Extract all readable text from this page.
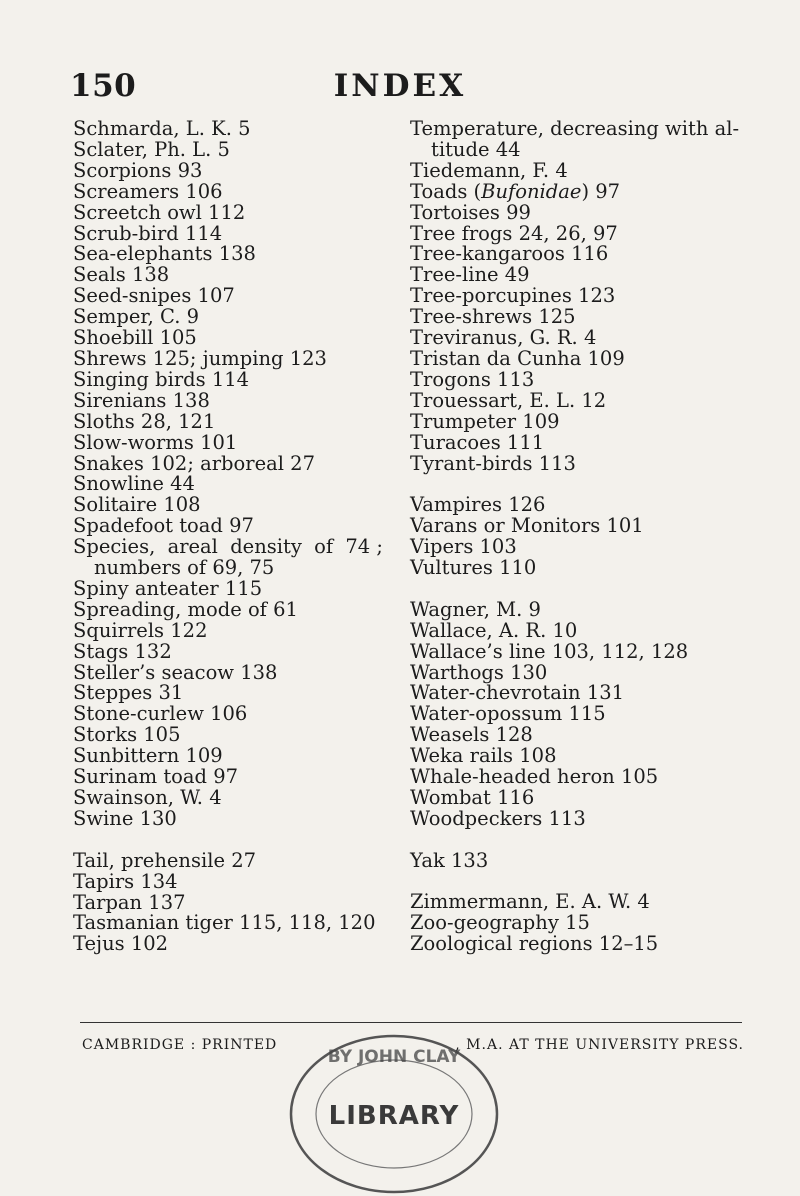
150	INDEX
Schmarda, L. K. 5
Sclater, Ph. L. 5
Scorpions 93
Screamers 106
Screetch owl 112
Scrub-bird 114
Sea-elephants 138
Seals 138
Seed-snipes 107
Semper, C. 9
Shoebill 105
Shrews 125; jumping 123
Singing birds 114
Sirenians 138
Sloths 28, 121
Slow-worms 101
Snakes 102; arboreal 27
Snowline 44
Solitaire 108
Spadefoot toad 97
Species, areal density of 74 ;
numbers of 69, 75
Spiny anteater 115
Spreading, mode of 61
Squirrels 122
Stags 132
Steller’s seacow 138
Steppes 31
Stone-curlew 106
Storks 105
Sunbittern 109
Surinam toad 97
Swainson, W. 4
Swine 130
Tail, prehensile 27
Tapirs 134
Tarpan 137
Tasmanian tiger 115, 118, 120
Tejus 102
Temperature, decreasing with al-
titude 44
Tiedemann, F. 4
Toads (Bufonidae) 97
Tortoises 99
Tree frogs 24, 26, 97
Tree-kangaroos 116
Tree-line 49
Tree-porcupines 123
Tree-shrews 125
Treviranus, G. R. 4
Tristan da Cunha 109
Trogons 113
Trouessart, E. L. 12
Trumpeter 109
Turacoes 111
Tyrant-birds 113
Vampires 126
Varans or Monitors 101
Vipers 103
Vultures 110
Wagner, M. 9
Wallace, A. R. 10
Wallace’s line 103, 112, 128
Warthogs 130
Water-chevrotain 131
Water-opossum 115
Weasels 128
Weka rails 108
Whale-headed heron 105
Wombat 116
Woodpeckers 113
Yak 133
Zimmermann, E. A. W. 4
Zoo-geography 15
Zoological regions 12–15
CAMBRIDGE : PRINTED	, M.A. AT THE UNIVERSITY PRESS.
BY JOHN CLAY
LIBRARY
